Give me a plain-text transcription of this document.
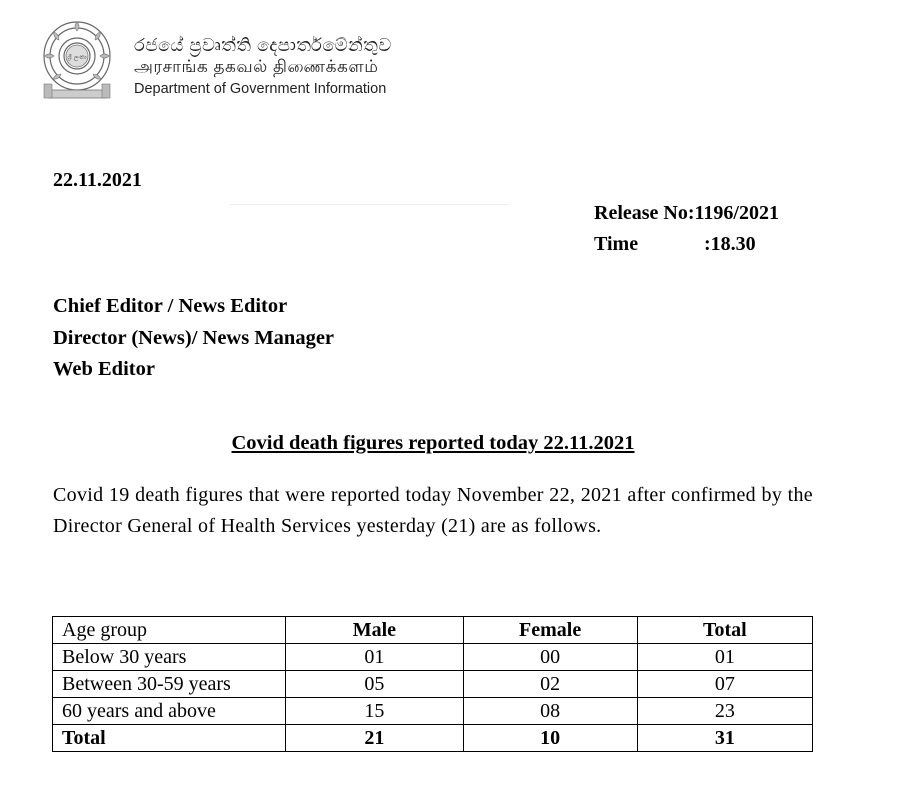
ශ්‍රී ලංකා
රජයේ ප්‍රවෘත්ති දෙපාර්තමේන්තුව
அரசாங்க தகவல் திணைக்களம்
Department of Government Information
22.11.2021
Release No:1196/2021
Time	:18.30
Chief Editor / News Editor
Director (News)/ News Manager
Web Editor
Covid death figures reported today 22.11.2021
Covid 19 death figures that were reported today November 22, 2021 after confirmed by the Director General of Health Services yesterday (21) are as follows.
Age group	Male	Female	Total
Below 30 years	01	00	01
Between 30-59 years	05	02	07
60 years and above	15	08	23
Total	21	10	31
